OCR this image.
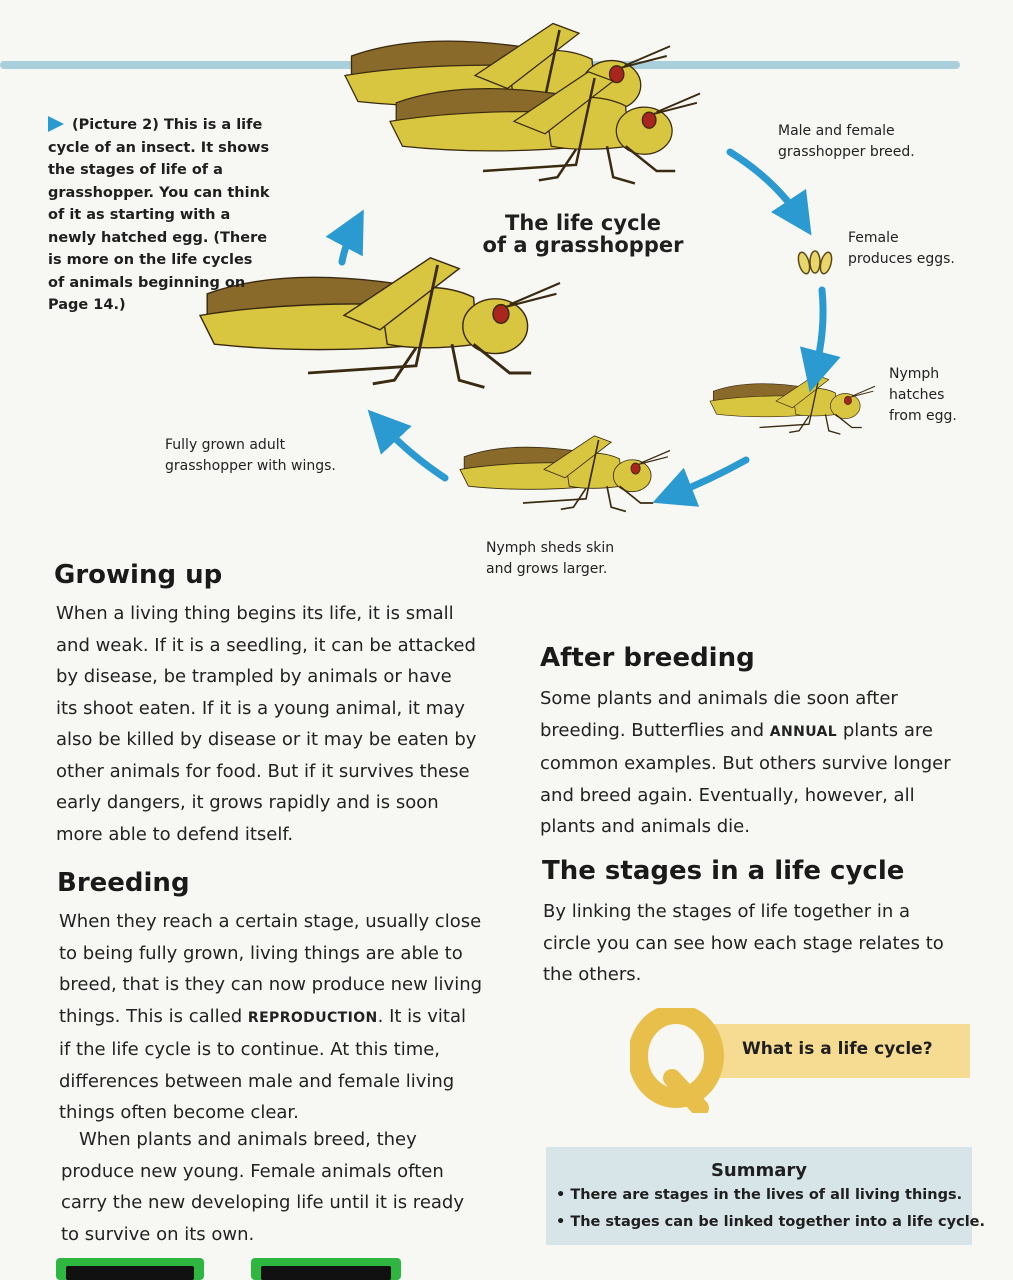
(Picture 2) This is a life cycle of an insect. It shows the stages of life of a grasshopper. You can think of it as starting with a newly hatched egg. (There is more on the life cycles of animals beginning on Page 14.)
The life cycle
of a grasshopper
Male and female
grasshopper breed.
Female
produces eggs.
Nymph
hatches
from egg.
Nymph sheds skin
and grows larger.
Fully grown adult
grasshopper with wings.
Growing up
When a living thing begins its life, it is small
and weak. If it is a seedling, it can be attacked
by disease, be trampled by animals or have
its shoot eaten. If it is a young animal, it may
also be killed by disease or it may be eaten by
other animals for food. But if it survives these
early dangers, it grows rapidly and is soon
more able to defend itself.
Breeding
When they reach a certain stage, usually close
to being fully grown, living things are able to
breed, that is they can now produce new living
things. This is called REPRODUCTION. It is vital
if the life cycle is to continue. At this time,
differences between male and female living
things often become clear.
 When plants and animals breed, they
produce new young. Female animals often
carry the new developing life until it is ready
to survive on its own.
After breeding
Some plants and animals die soon after
breeding. Butterflies and ANNUAL plants are
common examples. But others survive longer
and breed again. Eventually, however, all
plants and animals die.
The stages in a life cycle
By linking the stages of life together in a
circle you can see how each stage relates to
the others.
What is a life cycle?
Summary
• There are stages in the lives of all living things.
• The stages can be linked together into a life cycle.
